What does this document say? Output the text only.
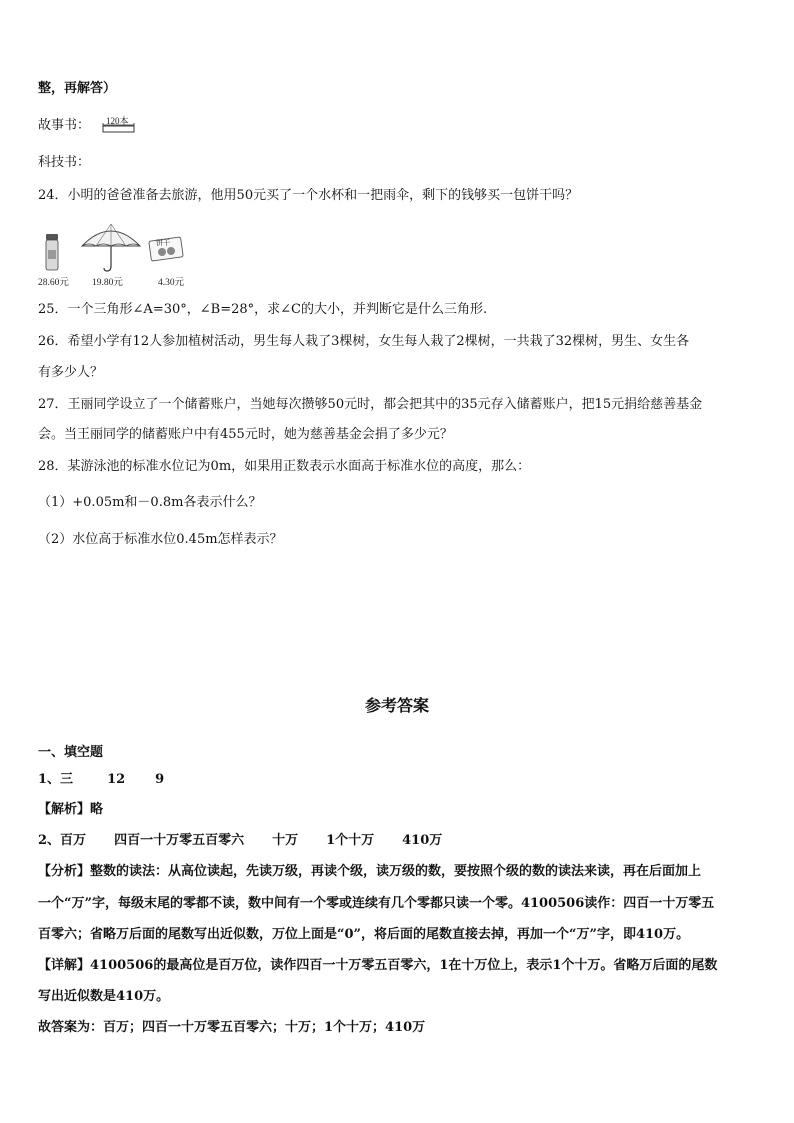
整，再解答）
故事书： 120本
科技书：
24．小明的爸爸准备去旅游，他用50元买了一个水杯和一把雨伞，剩下的钱够买一包饼干吗？
28.60元 19.80元
饼干
4.30元
25．一个三角形∠A=30°，∠B=28°，求∠C的大小，并判断它是什么三角形.
26．希望小学有12人参加植树活动，男生每人栽了3棵树，女生每人栽了2棵树，一共栽了32棵树，男生、女生各
有多少人？
27．王丽同学设立了一个储蓄账户，当她每次攒够50元时，都会把其中的35元存入储蓄账户，把15元捐给慈善基金
会。当王丽同学的储蓄账户中有455元时，她为慈善基金会捐了多少元？
28．某游泳池的标准水位记为0m，如果用正数表示水面高于标准水位的高度，那么：
（1）+0.05m和－0.8m各表示什么？
（2）水位高于标准水位0.45m怎样表示？
参考答案
一、填空题
1、三	12 9
【解析】略
2、百万 四百一十万零五百零六 十万 1个十万 410万
【分析】整数的读法：从高位读起，先读万级，再读个级，读万级的数，要按照个级的数的读法来读，再在后面加上
一个“万”字，每级末尾的零都不读，数中间有一个零或连续有几个零都只读一个零。4100506读作：四百一十万零五
百零六；省略万后面的尾数写出近似数，万位上面是“0”，将后面的尾数直接去掉，再加一个“万”字，即410万。
【详解】4100506的最高位是百万位，读作四百一十万零五百零六，1在十万位上，表示1个十万。省略万后面的尾数
写出近似数是410万。
故答案为：百万；四百一十万零五百零六；十万；1个十万；410万
